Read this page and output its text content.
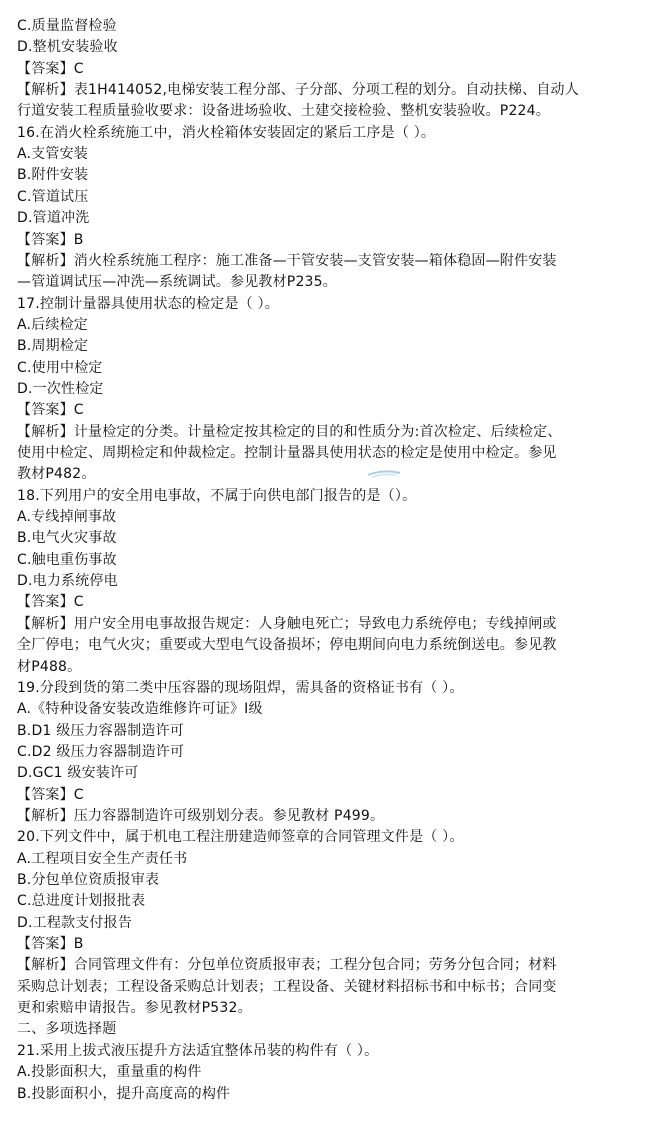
C.质量监督检验
D.整机安装验收
【答案】C
【解析】表1H414052,电梯安装工程分部、子分部、分项工程的划分。自动扶梯、自动人
行道安装工程质量验收要求：设备进场验收、土建交接检验、整机安装验收。P224。
16.在消火栓系统施工中，消火栓箱体安装固定的紧后工序是（ ）。
A.支管安装
B.附件安装
C.管道试压
D.管道冲洗
【答案】B
【解析】消火栓系统施工程序：施工准备—干管安装—支管安装—箱体稳固—附件安装
—管道调试压—冲洗—系统调试。参见教材P235。
17.控制计量器具使用状态的检定是（ ）。
A.后续检定
B.周期检定
C.使用中检定
D.一次性检定
【答案】C
【解析】计量检定的分类。计量检定按其检定的目的和性质分为:首次检定、后续检定、
使用中检定、周期检定和仲裁检定。控制计量器具使用状态的检定是使用中检定。参见
教材P482。
18.下列用户的安全用电事故，不属于向供电部门报告的是（）。
A.专线掉闸事故
B.电气火灾事故
C.触电重伤事故
D.电力系统停电
【答案】C
【解析】用户安全用电事故报告规定：人身触电死亡；导致电力系统停电；专线掉闸或
全厂停电；电气火灾；重要或大型电气设备损坏；停电期间向电力系统倒送电。参见教
材P488。
19.分段到货的第二类中压容器的现场阻焊，需具备的资格证书有（ ）。
A.《特种设备安装改造维修许可证》Ⅰ级
B.D1 级压力容器制造许可
C.D2 级压力容器制造许可
D.GC1 级安装许可
【答案】C
【解析】压力容器制造许可级别划分表。参见教材 P499。
20.下列文件中，属于机电工程注册建造师签章的合同管理文件是（ ）。
A.工程项目安全生产责任书
B.分包单位资质报审表
C.总进度计划报批表
D.工程款支付报告
【答案】B
【解析】合同管理文件有：分包单位资质报审表；工程分包合同；劳务分包合同；材料
采购总计划表；工程设备采购总计划表；工程设备、关键材料招标书和中标书；合同变
更和索赔申请报告。参见教材P532。
二、多项选择题
21.采用上拔式液压提升方法适宜整体吊装的构件有（ ）。
A.投影面积大，重量重的构件
B.投影面积小，提升高度高的构件
